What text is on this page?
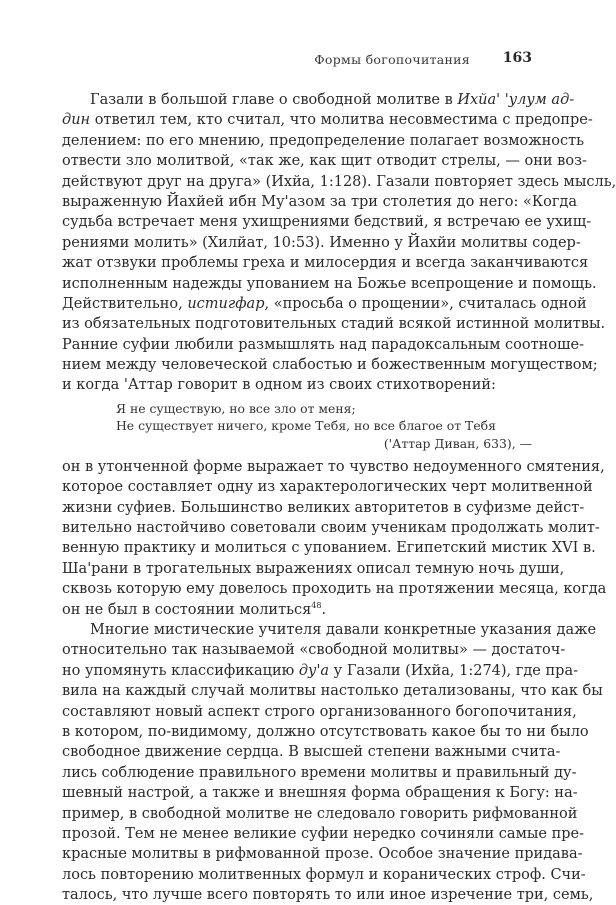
Формы богопочитания 163
Газали в большой главе о свободной молитве в Ихйа' 'улум ад-
дин ответил тем, кто считал, что молитва несовместима с предопре-
делением: по его мнению, предопределение полагает возможность
отвести зло молитвой, «так же, как щит отводит стрелы, — они воз-
действуют друг на друга» (Ихйа, 1:128). Газали повторяет здесь мысль,
выраженную Йахйей ибн Му'азом за три столетия до него: «Когда
судьба встречает меня ухищрениями бедствий, я встречаю ее ухищ-
рениями молить» (Хилйат, 10:53). Именно у Йахйи молитвы содер-
жат отзвуки проблемы греха и милосердия и всегда заканчиваются
исполненным надежды упованием на Божье всепрощение и помощь.
Действительно, истигфар, «просьба о прощении», считалась одной
из обязательных подготовительных стадий всякой истинной молитвы.
Ранние суфии любили размышлять над парадоксальным соотноше-
нием между человеческой слабостью и божественным могуществом;
и когда 'Аттар говорит в одном из своих стихотворений:
Я не существую, но все зло от меня;
Не существует ничего, кроме Тебя, но все благое от Тебя
('Аттар Диван, 633), —
он в утонченной форме выражает то чувство недоуменного смятения,
которое составляет одну из характерологических черт молитвенной
жизни суфиев. Большинство великих авторитетов в суфизме дейст-
вительно настойчиво советовали своим ученикам продолжать молит-
венную практику и молиться с упованием. Египетский мистик XVI в.
Ша'рани в трогательных выражениях описал темную ночь души,
сквозь которую ему довелось проходить на протяжении месяца, когда
он не был в состоянии молиться$^{48}$.
Многие мистические учителя давали конкретные указания даже
относительно так называемой «свободной молитвы» — достаточ-
но упомянуть классификацию ду'а у Газали (Ихйа, 1:274), где пра-
вила на каждый случай молитвы настолько детализованы, что как бы
составляют новый аспект строго организованного богопочитания,
в котором, по-видимому, должно отсутствовать какое бы то ни было
свободное движение сердца. В высшей степени важными счита-
лись соблюдение правильного времени молитвы и правильный ду-
шевный настрой, а также и внешняя форма обращения к Богу: на-
пример, в свободной молитве не следовало говорить рифмованной
прозой. Тем не менее великие суфии нередко сочиняли самые пре-
красные молитвы в рифмованной прозе. Особое значение придава-
лось повторению молитвенных формул и коранических строф. Счи-
талось, что лучше всего повторять то или иное изречение три, семь,
